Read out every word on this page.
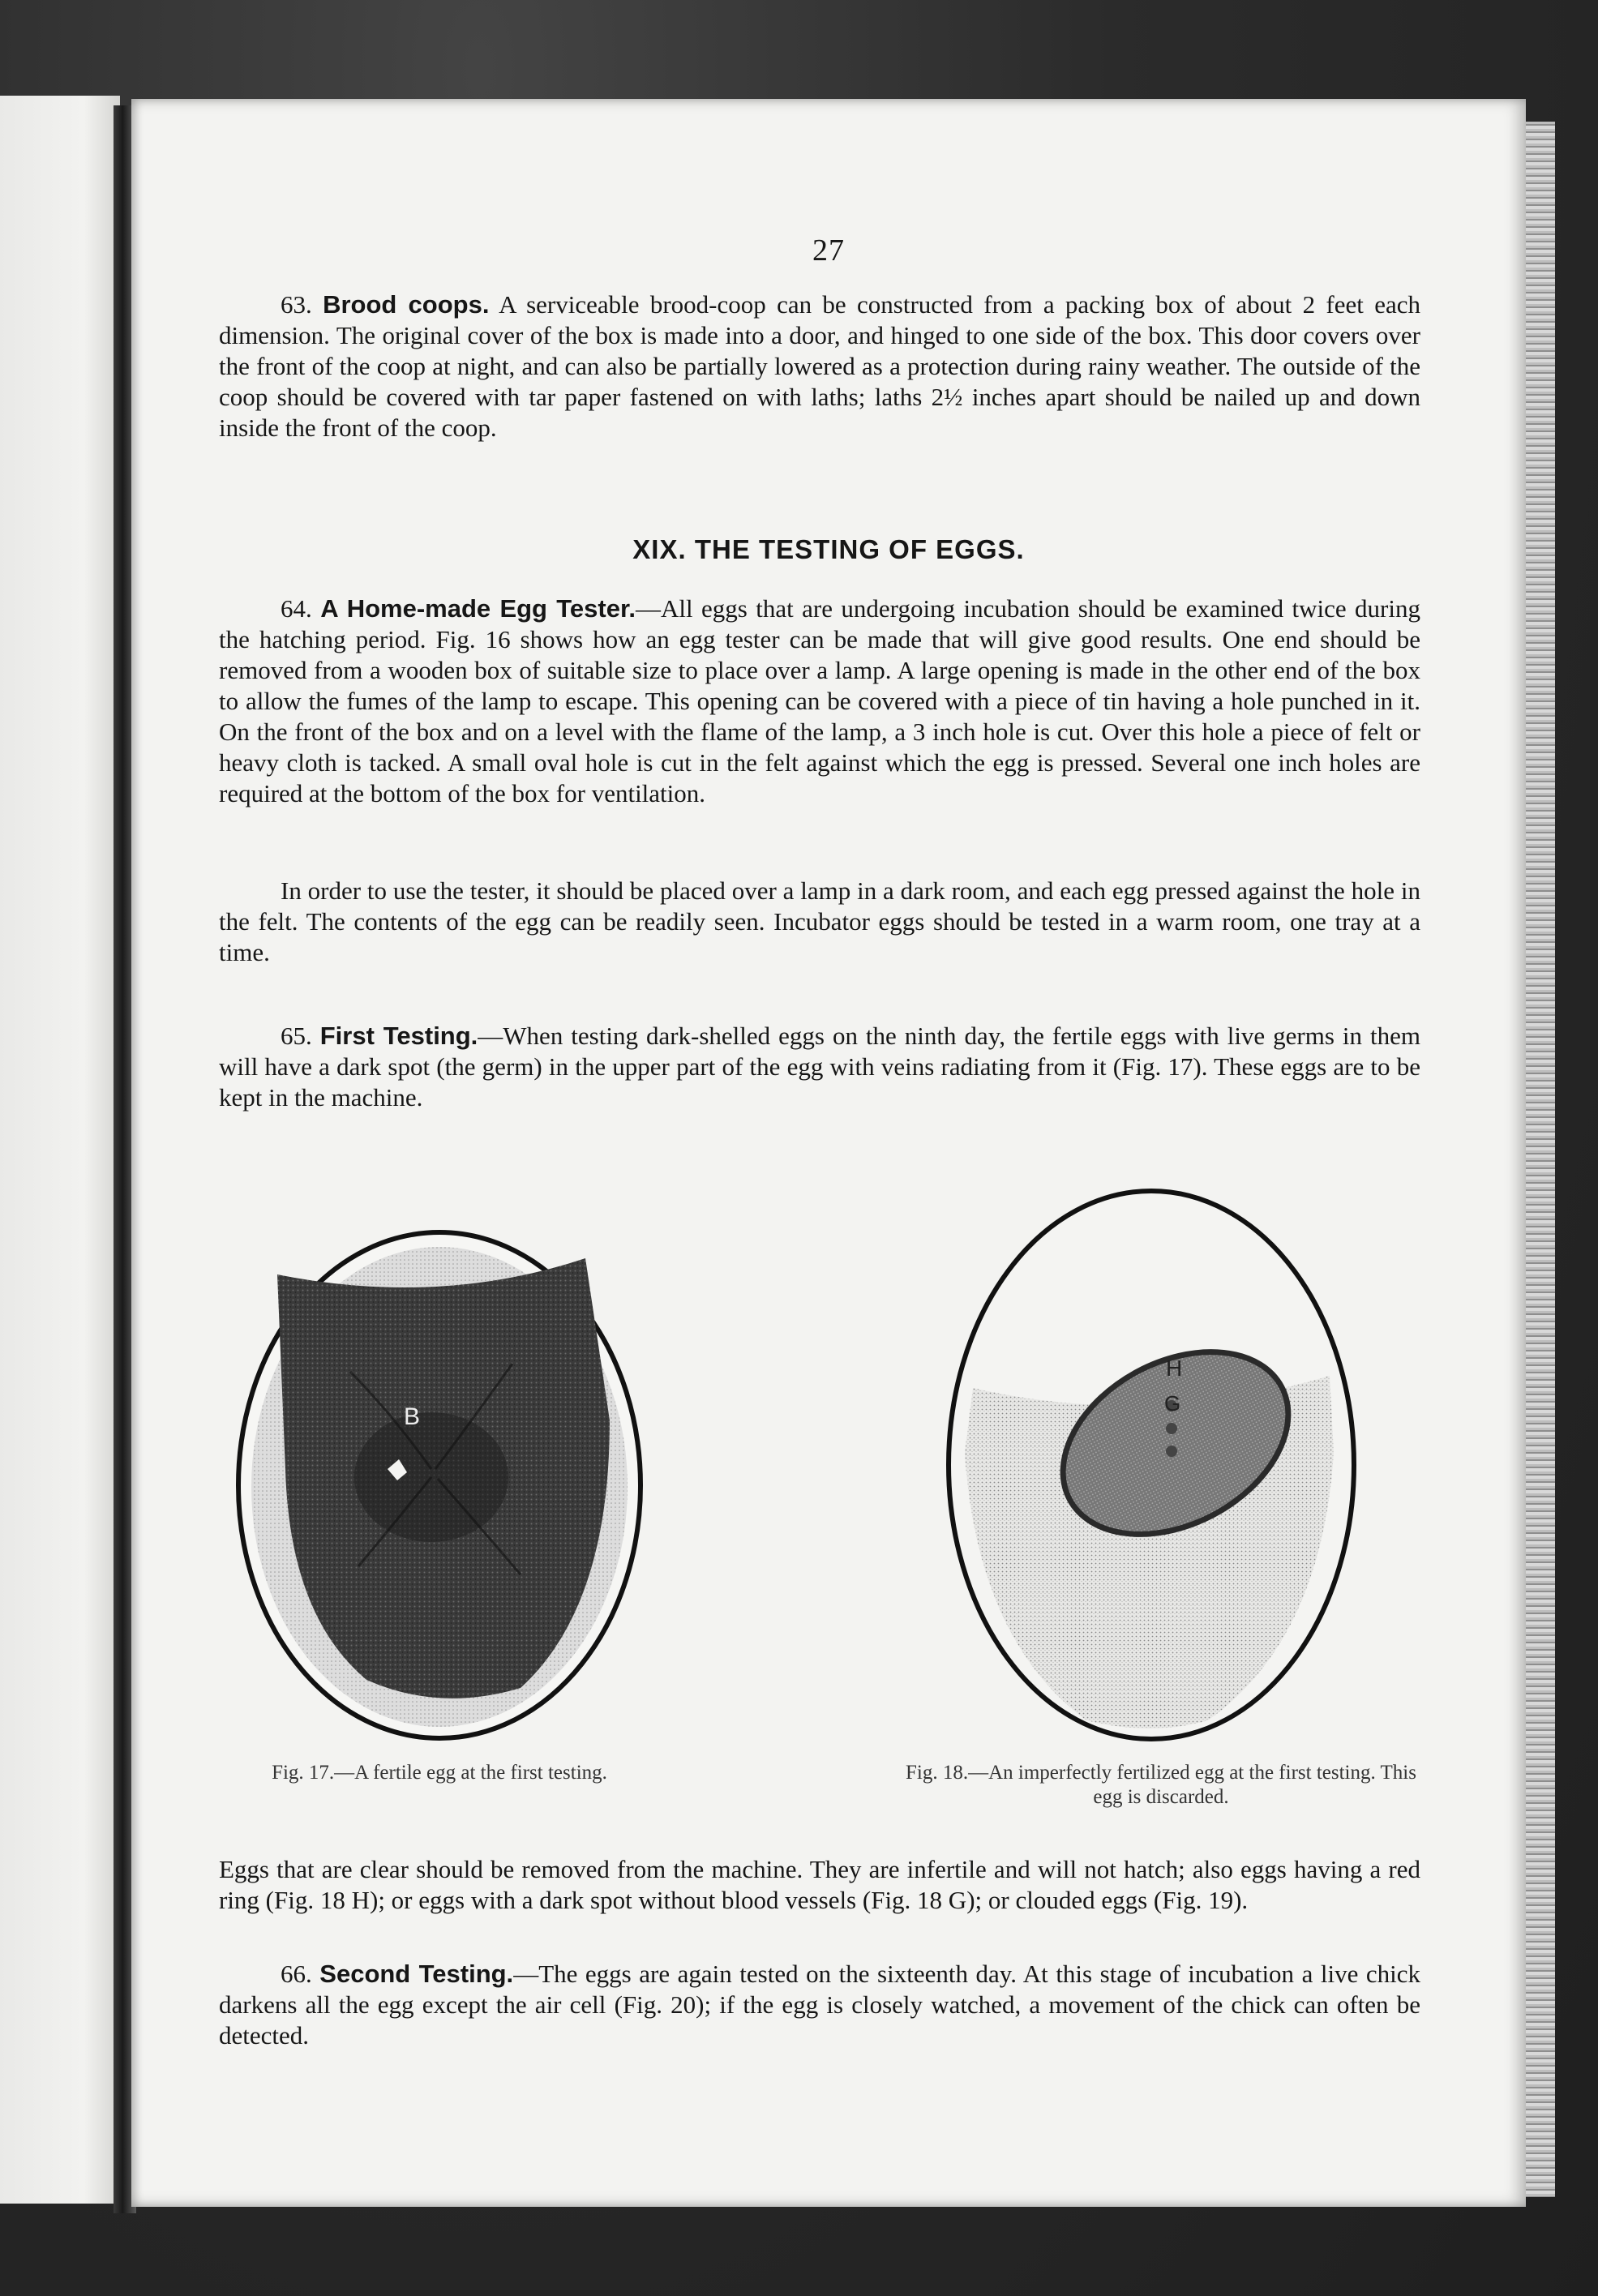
27

63. Brood coops. A serviceable brood-coop can be constructed from a packing box of about 2 feet each dimension. The original cover of the box is made into a door, and hinged to one side of the box. This door covers over the front of the coop at night, and can also be partially lowered as a protection during rainy weather. The outside of the coop should be covered with tar paper fastened on with laths; laths 2½ inches apart should be nailed up and down inside the front of the coop.

XIX. THE TESTING OF EGGS.

64. A Home-made Egg Tester.—All eggs that are undergoing incubation should be examined twice during the hatching period. Fig. 16 shows how an egg tester can be made that will give good results. One end should be removed from a wooden box of suitable size to place over a lamp. A large opening is made in the other end of the box to allow the fumes of the lamp to escape. This opening can be covered with a piece of tin having a hole punched in it. On the front of the box and on a level with the flame of the lamp, a 3 inch hole is cut. Over this hole a piece of felt or heavy cloth is tacked. A small oval hole is cut in the felt against which the egg is pressed. Several one inch holes are required at the bottom of the box for ventilation.

In order to use the tester, it should be placed over a lamp in a dark room, and each egg pressed against the hole in the felt. The contents of the egg can be readily seen. Incubator eggs should be tested in a warm room, one tray at a time.

65. First Testing.—When testing dark-shelled eggs on the ninth day, the fertile eggs with live germs in them will have a dark spot (the germ) in the upper part of the egg with veins radiating from it (Fig. 17). These eggs are to be kept in the machine.

B
H
G
Fig. 17.—A fertile egg at the first testing.	Fig. 18.—An imperfectly fertilized egg at the first testing. This egg is discarded.

Eggs that are clear should be removed from the machine. They are infertile and will not hatch; also eggs having a red ring (Fig. 18 H); or eggs with a dark spot without blood vessels (Fig. 18 G); or clouded eggs (Fig. 19).

66. Second Testing.—The eggs are again tested on the sixteenth day. At this stage of incubation a live chick darkens all the egg except the air cell (Fig. 20); if the egg is closely watched, a movement of the chick can often be detected.
